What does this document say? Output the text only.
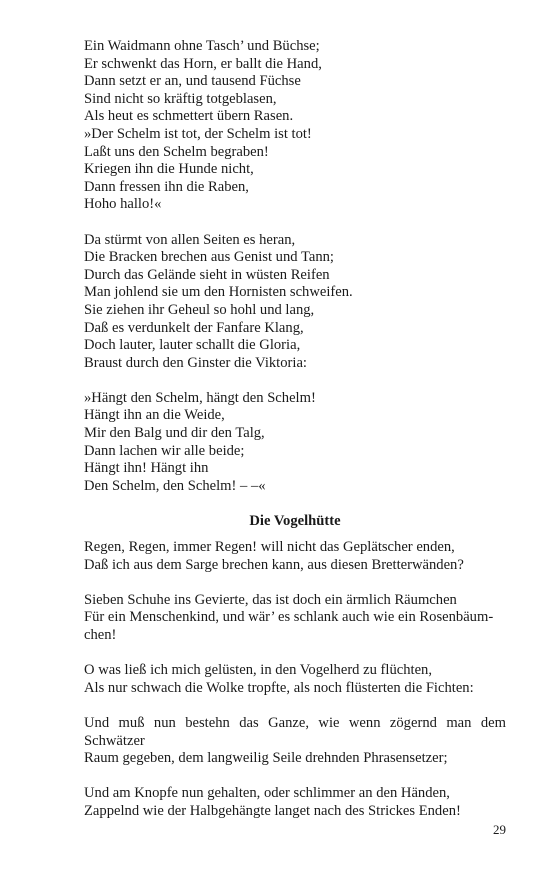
Ein Waidmann ohne Tasch’ und Büchse;
Er schwenkt das Horn, er ballt die Hand,
Dann setzt er an, und tausend Füchse
Sind nicht so kräftig totgeblasen,
Als heut es schmettert übern Rasen.
»Der Schelm ist tot, der Schelm ist tot!
Laßt uns den Schelm begraben!
Kriegen ihn die Hunde nicht,
Dann fressen ihn die Raben,
Hoho hallo!«
Da stürmt von allen Seiten es heran,
Die Bracken brechen aus Genist und Tann;
Durch das Gelände sieht in wüsten Reifen
Man johlend sie um den Hornisten schweifen.
Sie ziehen ihr Geheul so hohl und lang,
Daß es verdunkelt der Fanfare Klang,
Doch lauter, lauter schallt die Gloria,
Braust durch den Ginster die Viktoria:
»Hängt den Schelm, hängt den Schelm!
Hängt ihn an die Weide,
Mir den Balg und dir den Talg,
Dann lachen wir alle beide;
Hängt ihn! Hängt ihn
Den Schelm, den Schelm! – –«
Die Vogelhütte
Regen, Regen, immer Regen! will nicht das Geplätscher enden,
Daß ich aus dem Sarge brechen kann, aus diesen Bretterwänden?
Sieben Schuhe ins Gevierte, das ist doch ein ärmlich Räumchen
Für ein Menschenkind, und wär’ es schlank auch wie ein Rosenbäum-
chen!
O was ließ ich mich gelüsten, in den Vogelherd zu flüchten,
Als nur schwach die Wolke tropfte, als noch flüsterten die Fichten:
Und muß nun bestehn das Ganze, wie wenn zögernd man dem
Schwätzer
Raum gegeben, dem langweilig Seile drehnden Phrasensetzer;
Und am Knopfe nun gehalten, oder schlimmer an den Händen,
Zappelnd wie der Halbgehängte langet nach des Strickes Enden!
29
